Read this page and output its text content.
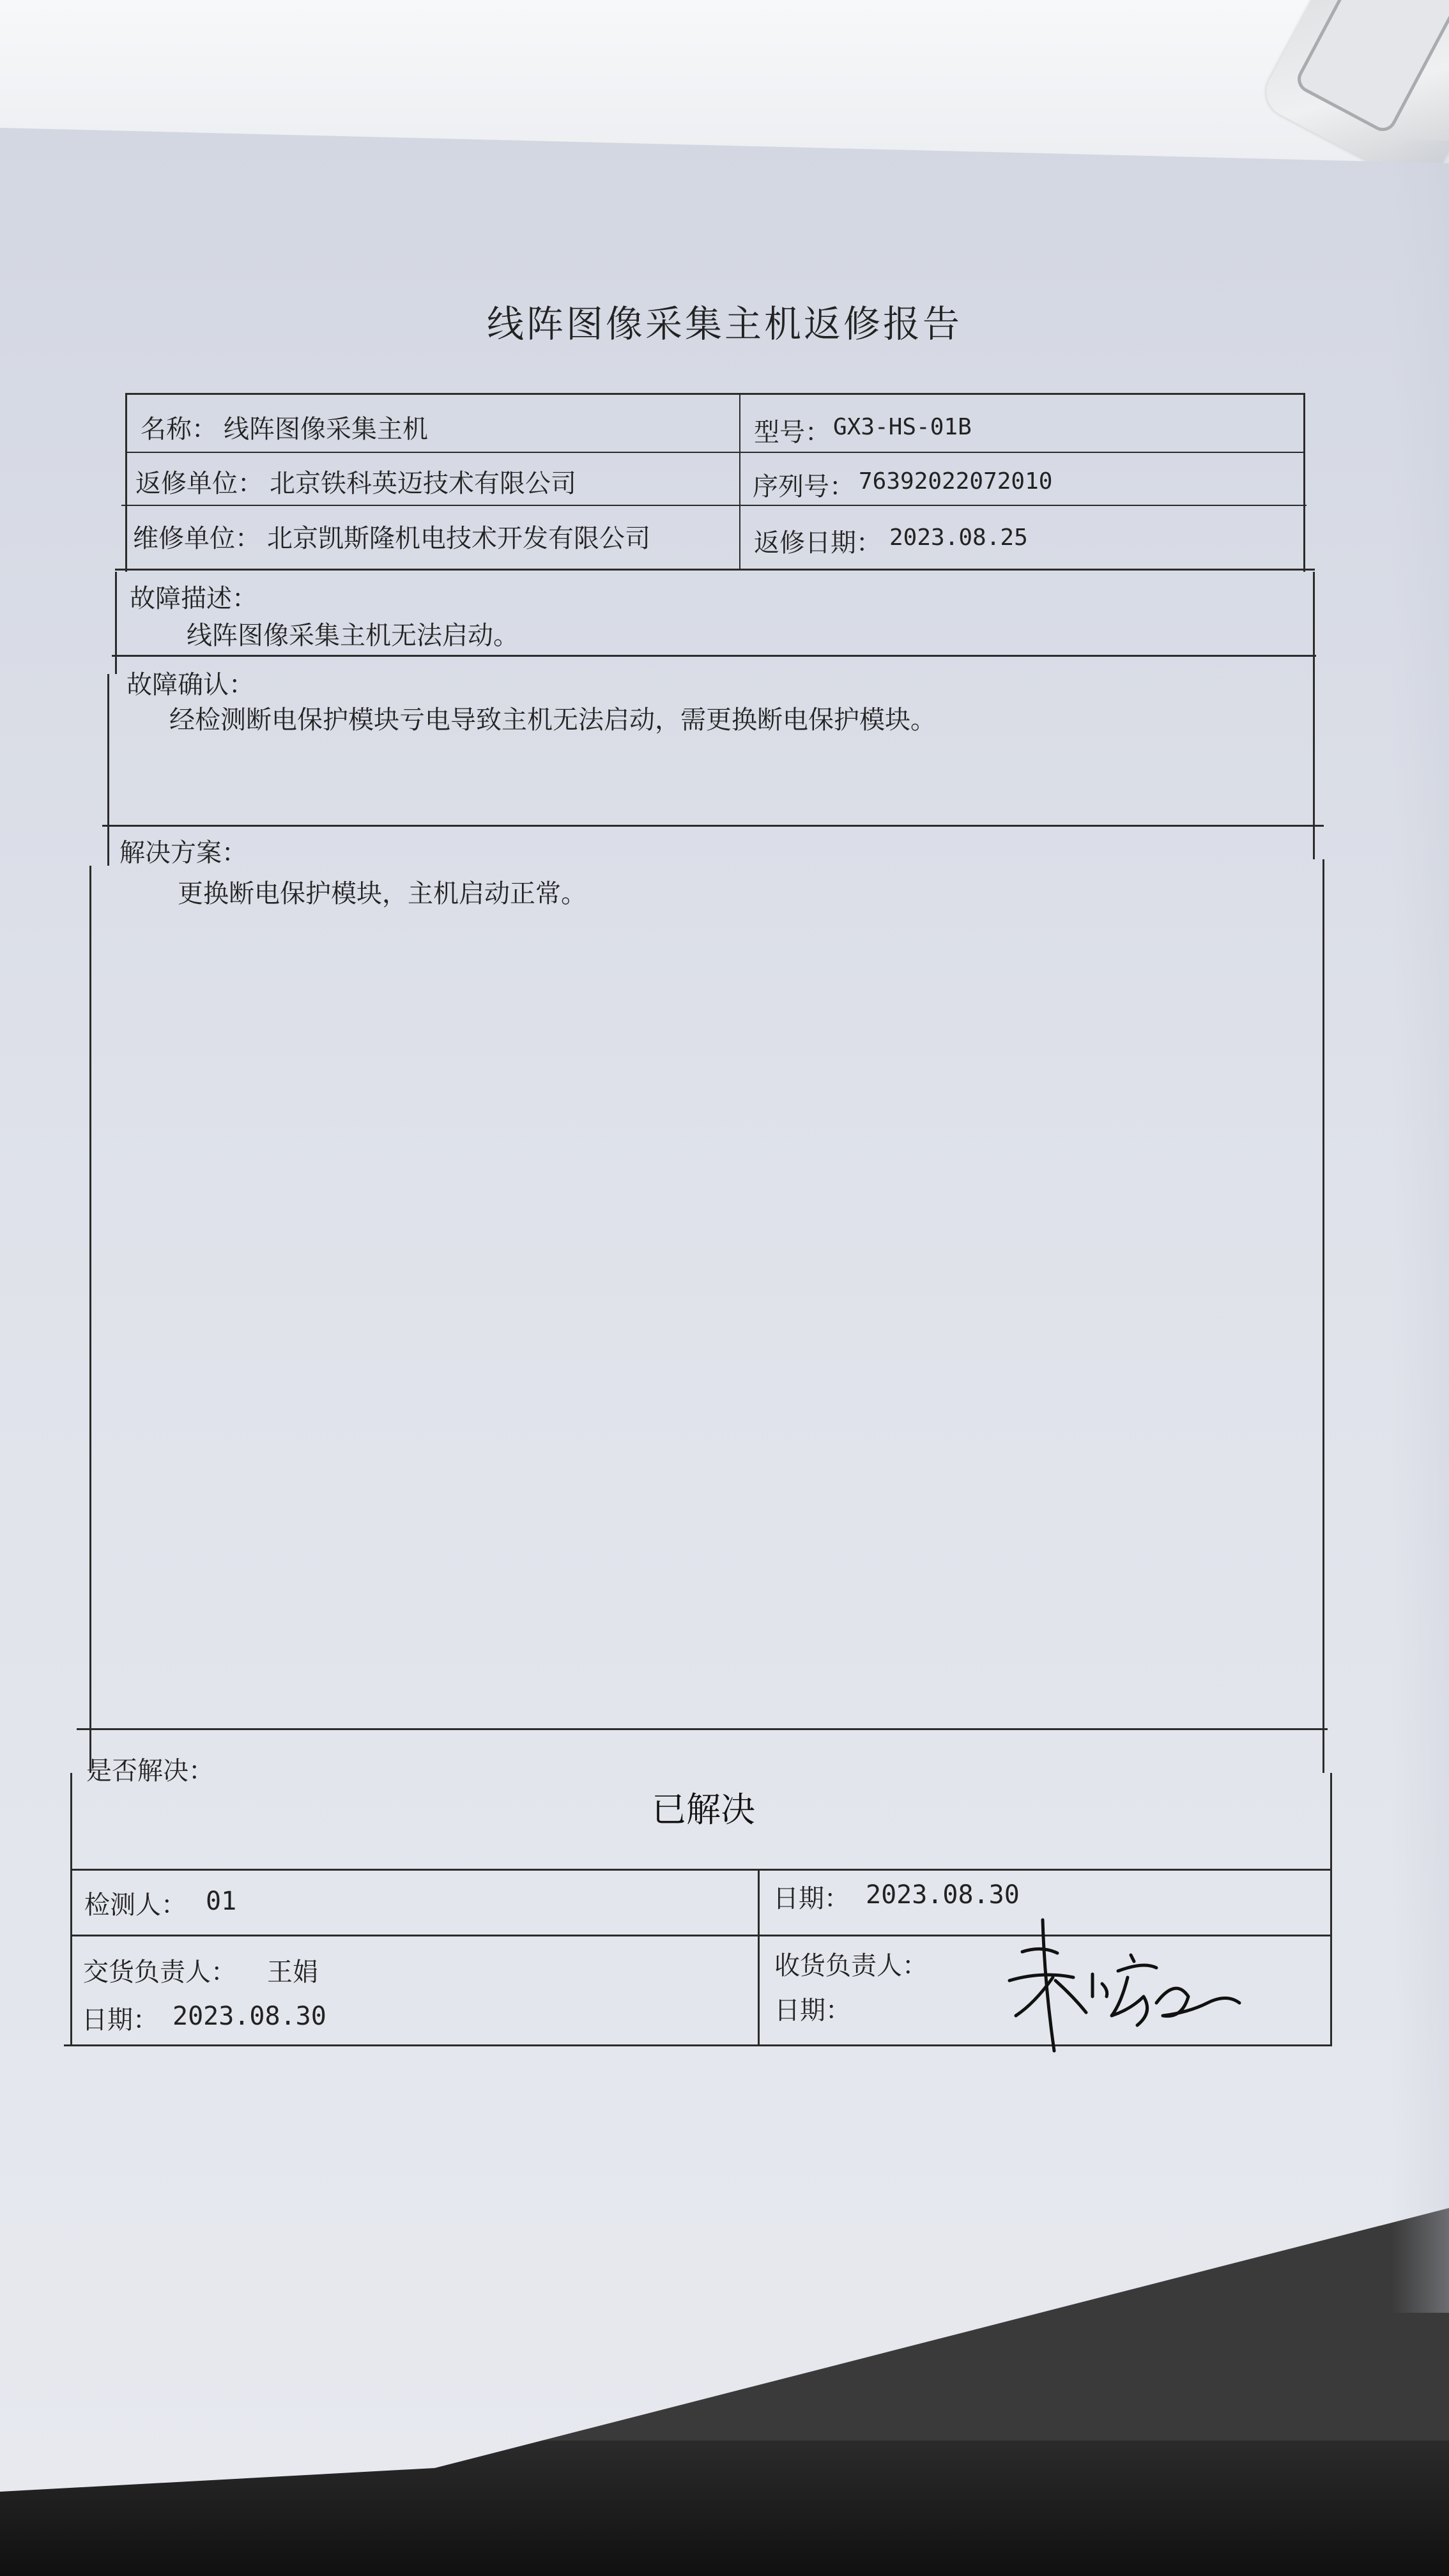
线阵图像采集主机返修报告
名称： 线阵图像采集主机	型号： GX3-HS-01B
返修单位： 北京铁科英迈技术有限公司	序列号： 76392022072010
维修单位： 北京凯斯隆机电技术开发有限公司	返修日期： 2023.08.25
故障描述：
线阵图像采集主机无法启动。
故障确认：
经检测断电保护模块亏电导致主机无法启动，需更换断电保护模块。
解决方案：
更换断电保护模块，主机启动正常。
是否解决：
已解决
检测人： 01	日期： 2023.08.30
交货负责人： 王娟
日期： 2023.08.30
收货负责人：
日期：
